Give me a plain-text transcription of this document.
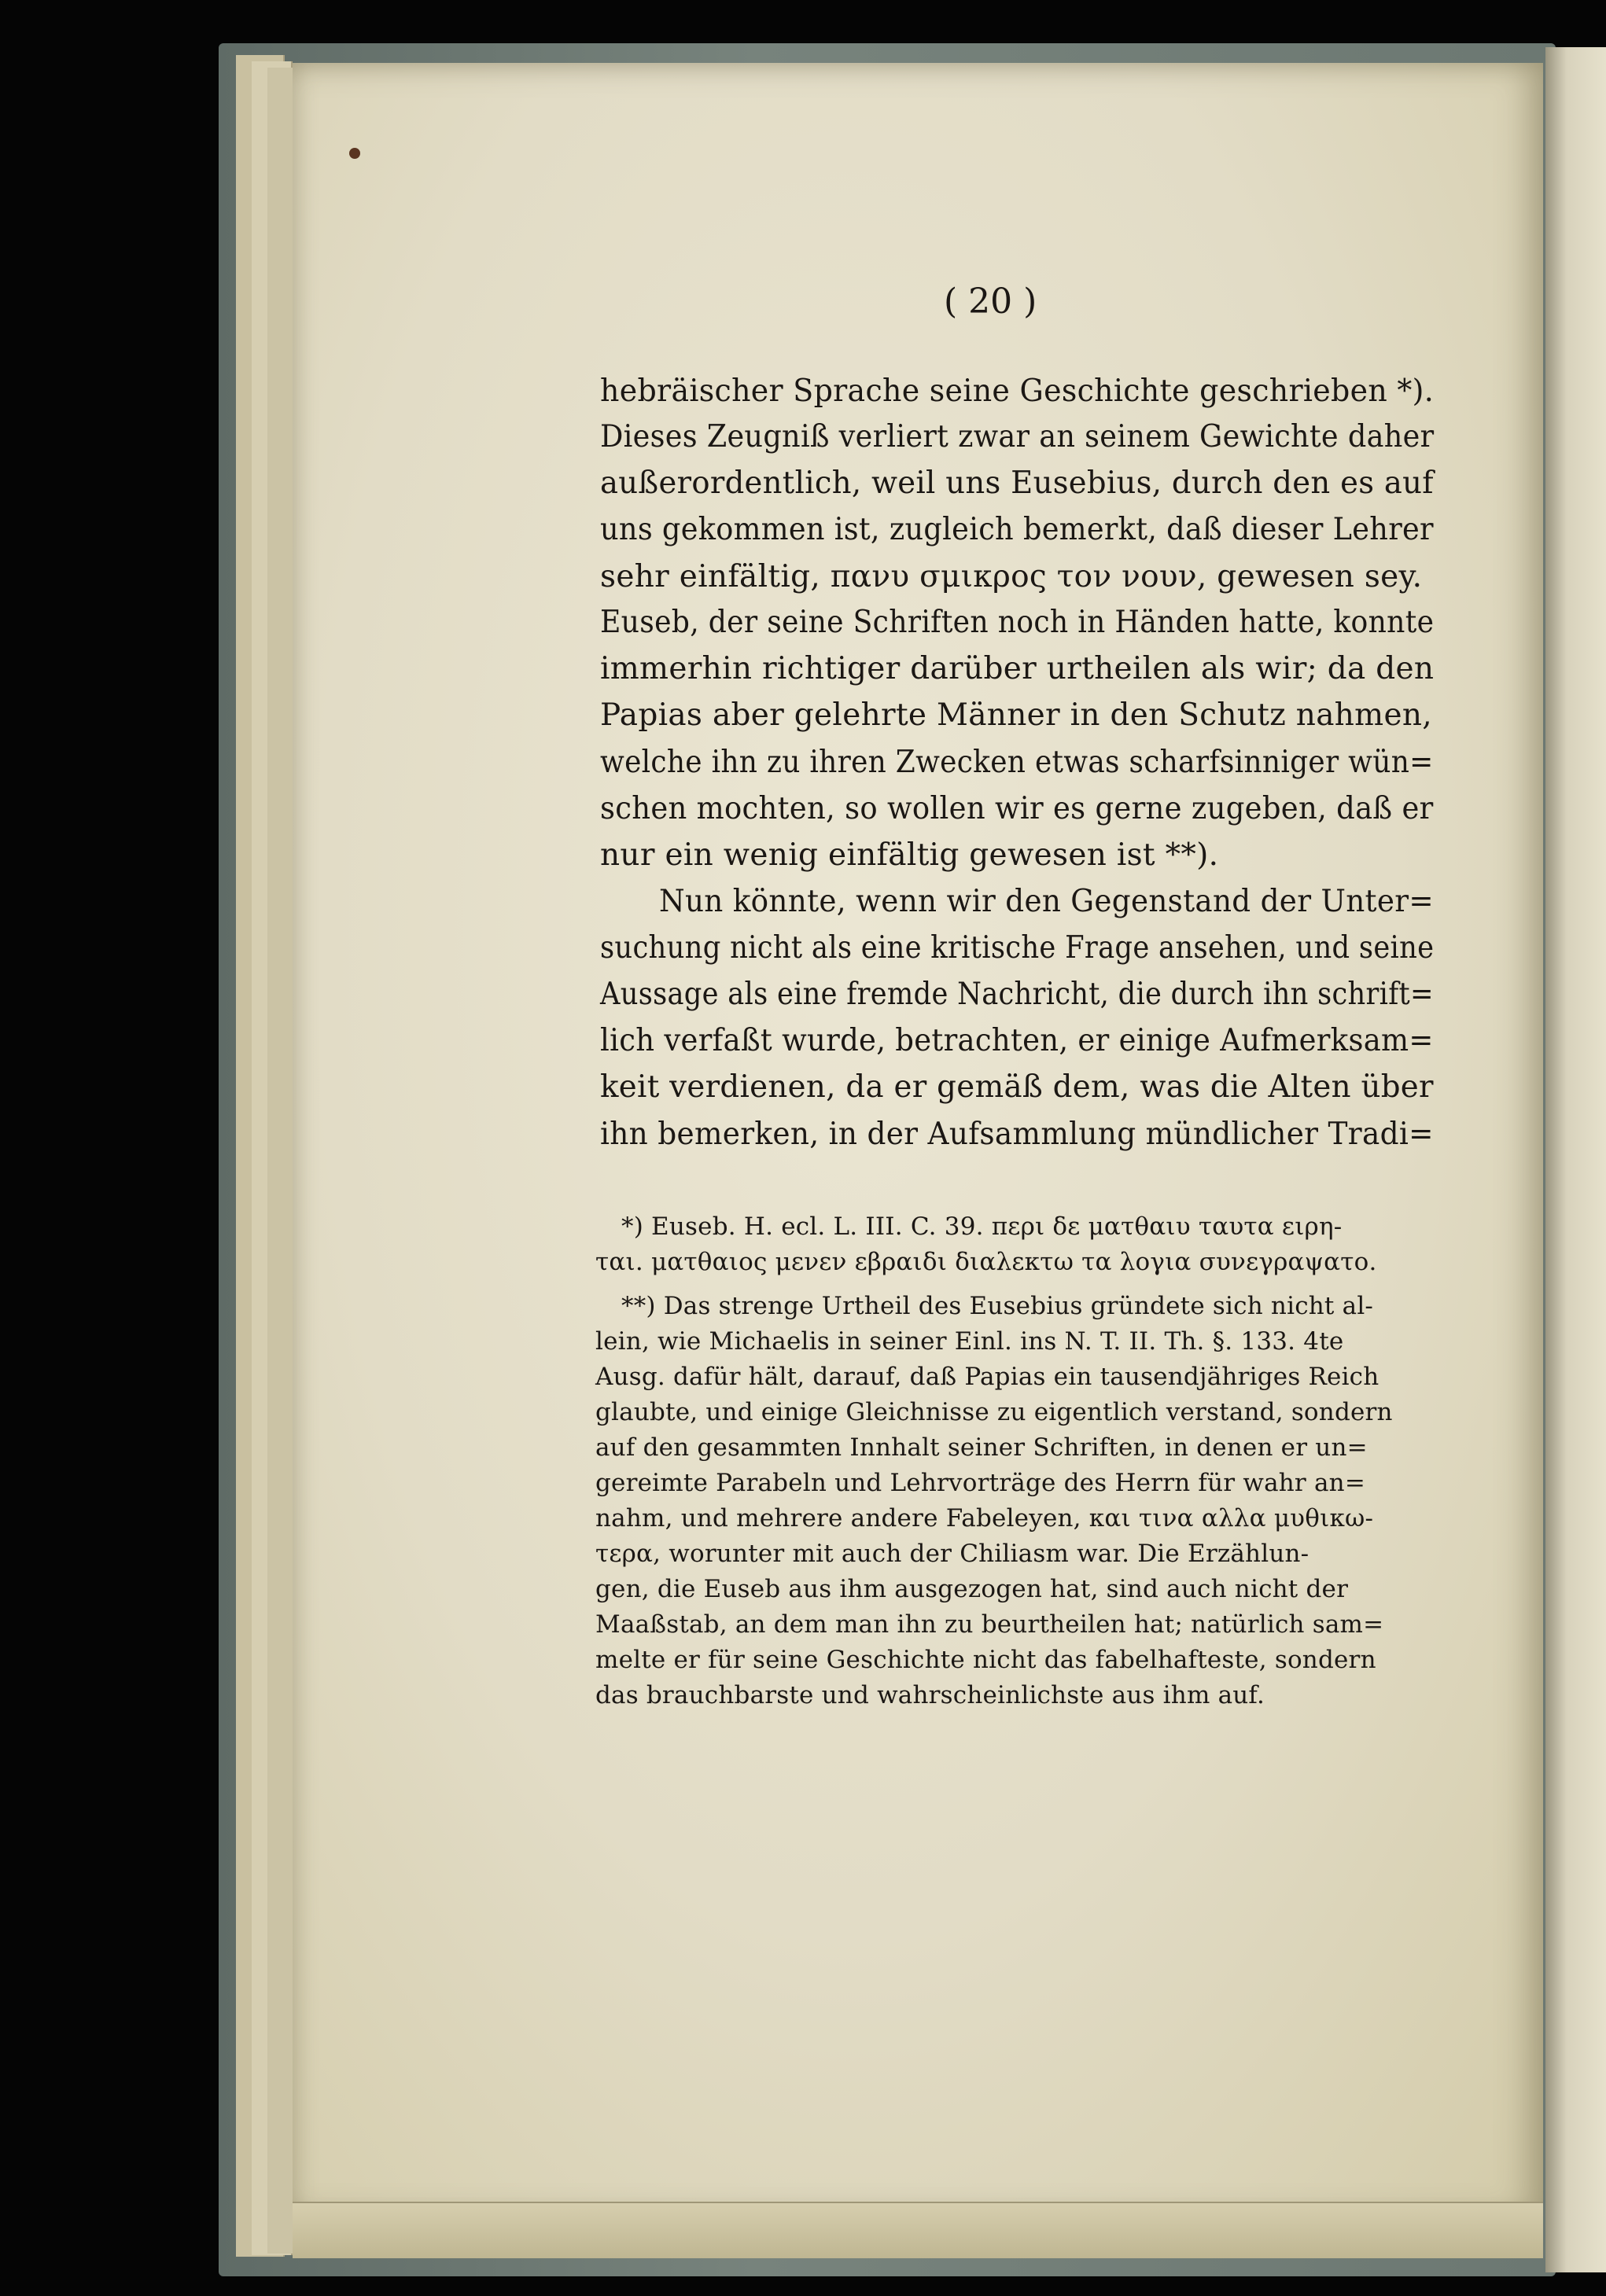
( 20 )

hebräischer Sprache seine Geschichte geschrieben *).

Dieses Zeugniß verliert zwar an seinem Gewichte daher

außerordentlich, weil uns Eusebius, durch den es auf

uns gekommen ist, zugleich bemerkt, daß dieser Lehrer

sehr einfältig, πανυ σμικρος τον νουν, gewesen sey.

Euseb, der seine Schriften noch in Händen hatte, konnte

immerhin richtiger darüber urtheilen als wir; da den

Papias aber gelehrte Männer in den Schutz nahmen,

welche ihn zu ihren Zwecken etwas scharfsinniger wün=

schen mochten, so wollen wir es gerne zugeben, daß er

nur ein wenig einfältig gewesen ist **).

Nun könnte, wenn wir den Gegenstand der Unter=

suchung nicht als eine kritische Frage ansehen, und seine

Aussage als eine fremde Nachricht, die durch ihn schrift=

lich verfaßt wurde, betrachten, er einige Aufmerksam=

keit verdienen, da er gemäß dem, was die Alten über

ihn bemerken, in der Aufsammlung mündlicher Tradi=

*) Euseb. H. ecl. L. III. C. 39. περι δε ματθαιυ ταυτα ειρη-

ται. ματθαιος μενεν εβραιδι διαλεκτω τα λογια συνεγραψατο.

**) Das strenge Urtheil des Eusebius gründete sich nicht al-

lein, wie Michaelis in seiner Einl. ins N. T. II. Th. §. 133. 4te

Ausg. dafür hält, darauf, daß Papias ein tausendjähriges Reich

glaubte, und einige Gleichnisse zu eigentlich verstand, sondern

auf den gesammten Innhalt seiner Schriften, in denen er un=

gereimte Parabeln und Lehrvorträge des Herrn für wahr an=

nahm, und mehrere andere Fabeleyen, και τινα αλλα μυθικω-

τερα, worunter mit auch der Chiliasm war. Die Erzählun-

gen, die Euseb aus ihm ausgezogen hat, sind auch nicht der

Maaßstab, an dem man ihn zu beurtheilen hat; natürlich sam=

melte er für seine Geschichte nicht das fabelhafteste, sondern

das brauchbarste und wahrscheinlichste aus ihm auf.
